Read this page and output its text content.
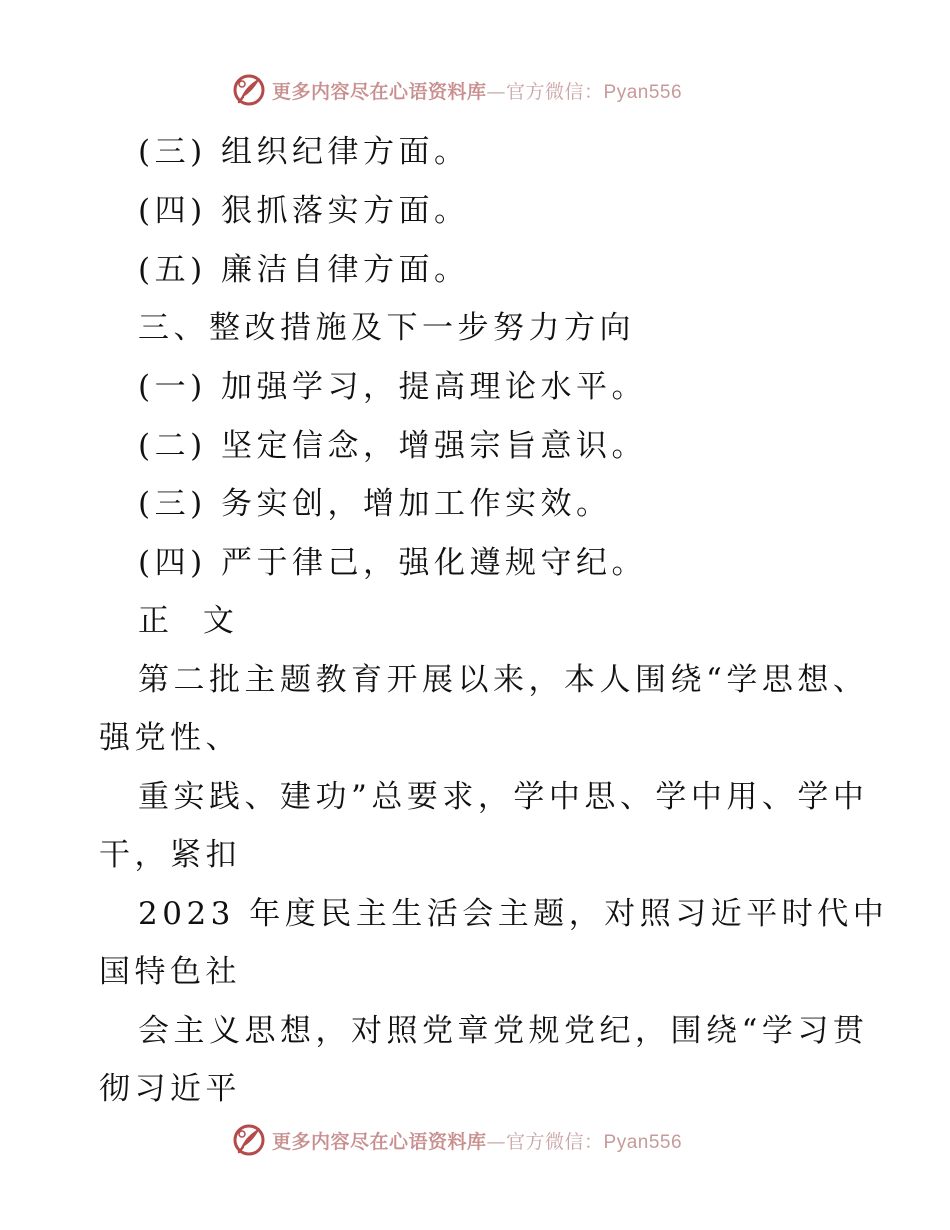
更多内容尽在心语资料库—官方微信：Pyan556
(三) 组织纪律方面。
(四) 狠抓落实方面。
(五) 廉洁自律方面。
三、整改措施及下一步努力方向
(一) 加强学习，提高理论水平。
(二) 坚定信念，增强宗旨意识。
(三) 务实创，增加工作实效。
(四) 严于律己，强化遵规守纪。
正 文
第二批主题教育开展以来，本人围绕“学思想、
强党性、
重实践、建功”总要求，学中思、学中用、学中
干，紧扣
2023 年度民主生活会主题，对照习近平时代中
国特色社
会主义思想，对照党章党规党纪，围绕“学习贯
彻习近平
更多内容尽在心语资料库—官方微信：Pyan556
